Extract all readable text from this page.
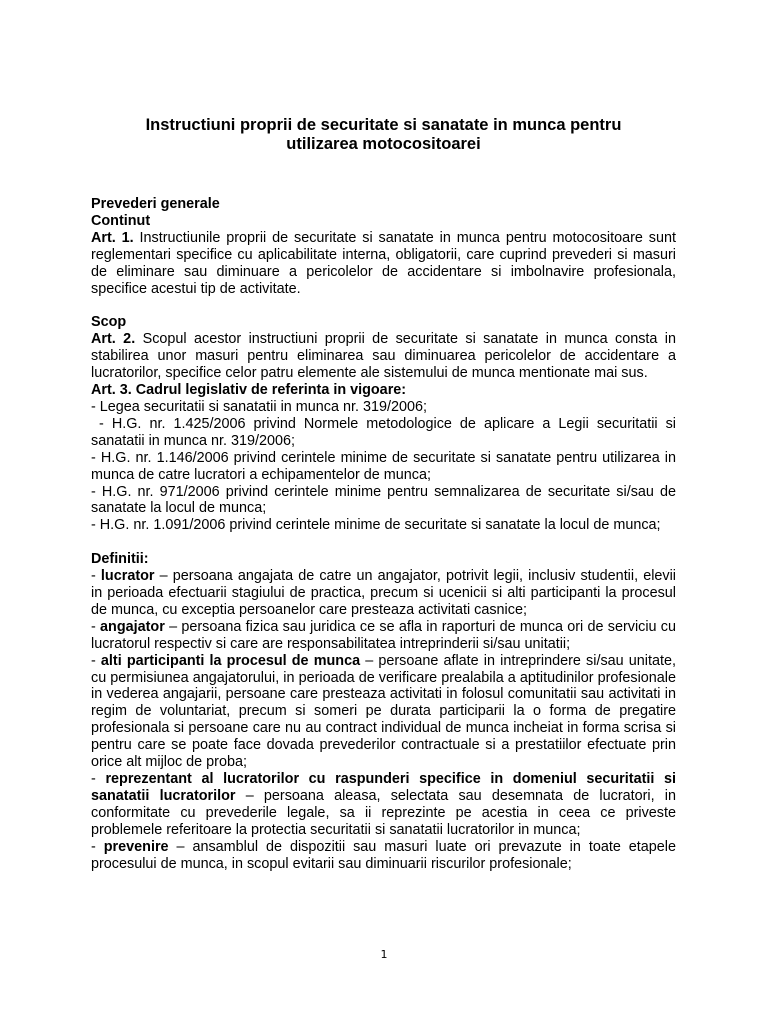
Instructiuni proprii de securitate si sanatate in munca pentru
utilizarea motocositoarei
Prevederi generale
Continut
Art. 1. Instructiunile proprii de securitate si sanatate in munca pentru motocositoare sunt reglementari specifice cu aplicabilitate interna, obligatorii, care cuprind prevederi si masuri de eliminare sau diminuare a pericolelor de accidentare si imbolnavire profesionala, specifice acestui tip de activitate.
Scop
Art. 2. Scopul acestor instructiuni proprii de securitate si sanatate in munca consta in stabilirea unor masuri pentru eliminarea sau diminuarea pericolelor de accidentare a lucratorilor, specifice celor patru elemente ale sistemului de munca mentionate mai sus.
Art. 3. Cadrul legislativ de referinta in vigoare:
- Legea securitatii si sanatatii in munca nr. 319/2006;
- H.G. nr. 1.425/2006 privind Normele metodologice de aplicare a Legii securitatii si sanatatii in munca nr. 319/2006;
- H.G. nr. 1.146/2006 privind cerintele minime de securitate si sanatate pentru utilizarea in munca de catre lucratori a echipamentelor de munca;
- H.G. nr. 971/2006 privind cerintele minime pentru semnalizarea de securitate si/sau de sanatate la locul de munca;
- H.G. nr. 1.091/2006 privind cerintele minime de securitate si sanatate la locul de munca;
Definitii:
- lucrator – persoana angajata de catre un angajator, potrivit legii, inclusiv studentii, elevii in perioada efectuarii stagiului de practica, precum si ucenicii si alti participanti la procesul de munca, cu exceptia persoanelor care presteaza activitati casnice;
- angajator – persoana fizica sau juridica ce se afla in raporturi de munca ori de serviciu cu lucratorul respectiv si care are responsabilitatea intreprinderii si/sau unitatii;
- alti participanti la procesul de munca – persoane aflate in intreprindere si/sau unitate, cu permisiunea angajatorului, in perioada de verificare prealabila a aptitudinilor profesionale in vederea angajarii, persoane care presteaza activitati in folosul comunitatii sau activitati in regim de voluntariat, precum si someri pe durata participarii la o forma de pregatire profesionala si persoane care nu au contract individual de munca incheiat in forma scrisa si pentru care se poate face dovada prevederilor contractuale si a prestatiilor efectuate prin orice alt mijloc de proba;
- reprezentant al lucratorilor cu raspunderi specifice in domeniul securitatii si sanatatii lucratorilor – persoana aleasa, selectata sau desemnata de lucratori, in conformitate cu prevederile legale, sa ii reprezinte pe acestia in ceea ce priveste problemele referitoare la protectia securitatii si sanatatii lucratorilor in munca;
- prevenire – ansamblul de dispozitii sau masuri luate ori prevazute in toate etapele procesului de munca, in scopul evitarii sau diminuarii riscurilor profesionale;
1
